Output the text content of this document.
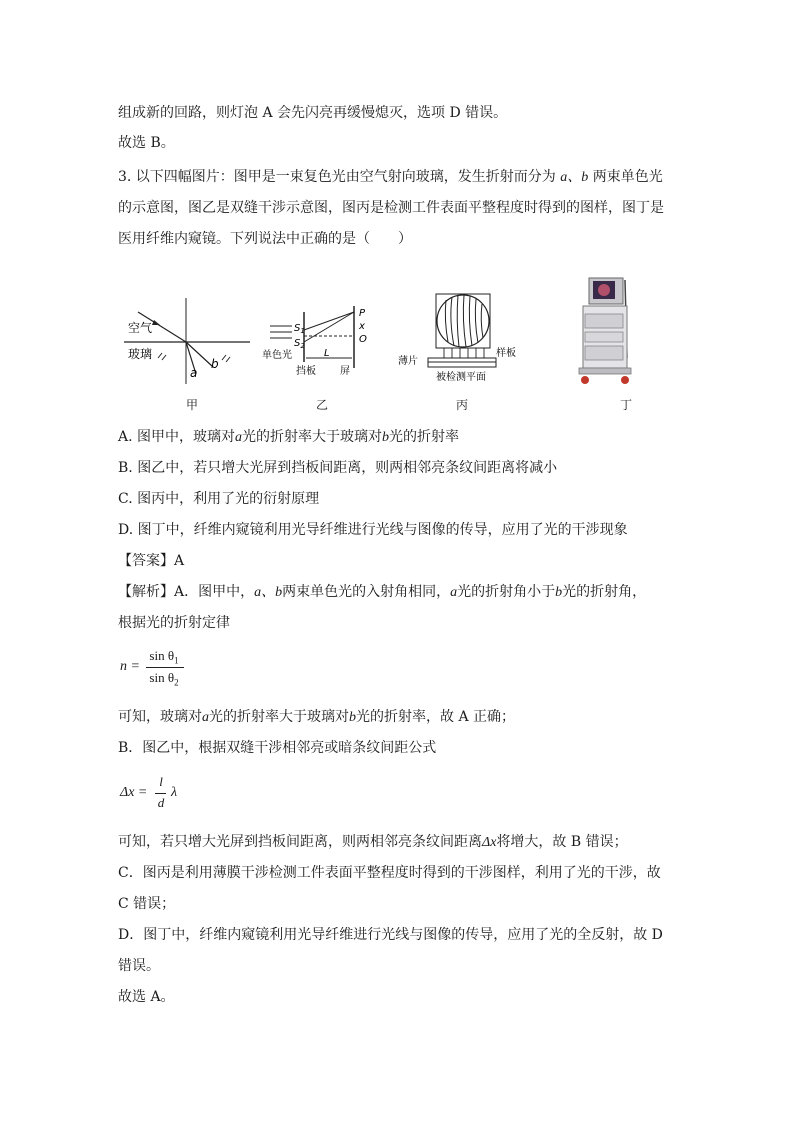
组成新的回路，则灯泡 A 会先闪亮再缓慢熄灭，选项 D 错误。
故选 B。
3. 以下四幅图片：图甲是一束复色光由空气射向玻璃，发生折射而分为 a、b 两束单色光
的示意图，图乙是双缝干涉示意图，图丙是检测工件表面平整程度时得到的图样，图丁是
医用纤维内窥镜。下列说法中正确的是（　　）
空气
玻璃
a
b
甲
$S_1$
$S_2$
单色光
挡板 屏
L
P
x
O
乙
薄片
样板
被检测平面
丙	丁
A. 图甲中，玻璃对a光的折射率大于玻璃对b光的折射率
B. 图乙中，若只增大光屏到挡板间距离，则两相邻亮条纹间距离将减小
C. 图丙中，利用了光的衍射原理
D. 图丁中，纤维内窥镜利用光导纤维进行光线与图像的传导，应用了光的干涉现象
【答案】A
【解析】A．图甲中，a、b两束单色光的入射角相同，a光的折射角小于b光的折射角，
根据光的折射定律
n =
$\sin \theta_1$
$\sin \theta_2$
可知，玻璃对a光的折射率大于玻璃对b光的折射率，故 A 正确；
B．图乙中，根据双缝干涉相邻亮或暗条纹间距公式
Δx =
l
d
λ
可知，若只增大光屏到挡板间距离，则两相邻亮条纹间距离Δx将增大，故 B 错误；
C．图丙是利用薄膜干涉检测工件表面平整程度时得到的干涉图样，利用了光的干涉，故
C 错误；
D．图丁中，纤维内窥镜利用光导纤维进行光线与图像的传导，应用了光的全反射，故 D
错误。
故选 A。
